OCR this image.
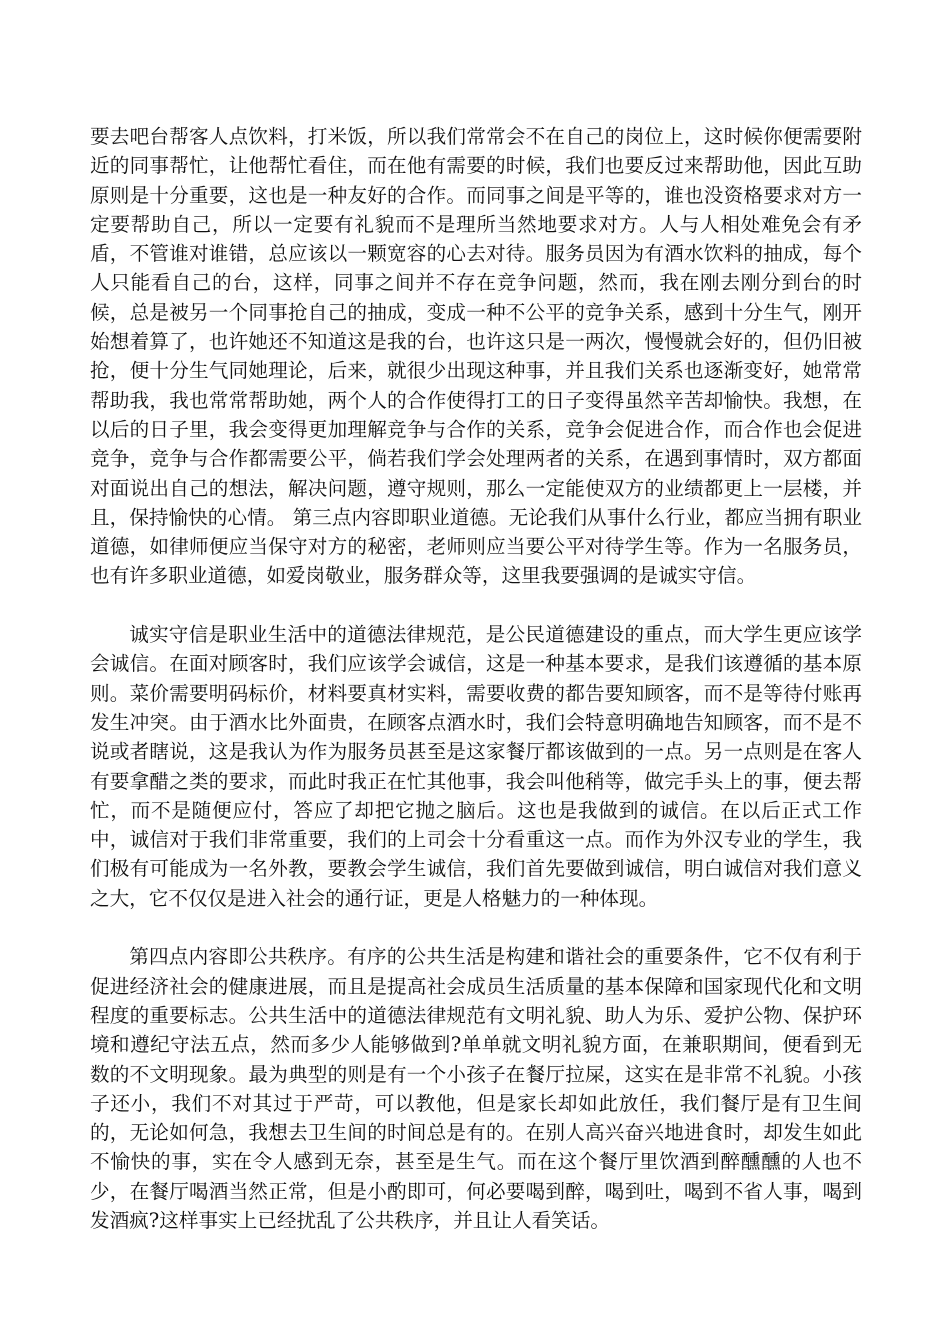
要去吧台帮客人点饮料，打米饭，所以我们常常会不在自己的岗位上，这时候你便需要附近的同事帮忙，让他帮忙看住，而在他有需要的时候，我们也要反过来帮助他，因此互助原则是十分重要，这也是一种友好的合作。而同事之间是平等的，谁也没资格要求对方一定要帮助自己，所以一定要有礼貌而不是理所当然地要求对方。人与人相处难免会有矛盾，不管谁对谁错，总应该以一颗宽容的心去对待。服务员因为有酒水饮料的抽成，每个人只能看自己的台，这样，同事之间并不存在竞争问题，然而，我在刚去刚分到台的时候，总是被另一个同事抢自己的抽成，变成一种不公平的竞争关系，感到十分生气，刚开始想着算了，也许她还不知道这是我的台，也许这只是一两次，慢慢就会好的，但仍旧被抢，便十分生气同她理论，后来，就很少出现这种事，并且我们关系也逐渐变好，她常常帮助我，我也常常帮助她，两个人的合作使得打工的日子变得虽然辛苦却愉快。我想，在以后的日子里，我会变得更加理解竞争与合作的关系，竞争会促进合作，而合作也会促进竞争，竞争与合作都需要公平，倘若我们学会处理两者的关系，在遇到事情时，双方都面对面说出自己的想法，解决问题，遵守规则，那么一定能使双方的业绩都更上一层楼，并且，保持愉快的心情。 第三点内容即职业道德。无论我们从事什么行业，都应当拥有职业道德，如律师便应当保守对方的秘密，老师则应当要公平对待学生等。作为一名服务员，也有许多职业道德，如爱岗敬业，服务群众等，这里我要强调的是诚实守信。

诚实守信是职业生活中的道德法律规范，是公民道德建设的重点，而大学生更应该学会诚信。在面对顾客时，我们应该学会诚信，这是一种基本要求，是我们该遵循的基本原则。菜价需要明码标价，材料要真材实料，需要收费的都告要知顾客，而不是等待付账再发生冲突。由于酒水比外面贵，在顾客点酒水时，我们会特意明确地告知顾客，而不是不说或者瞎说，这是我认为作为服务员甚至是这家餐厅都该做到的一点。另一点则是在客人有要拿醋之类的要求，而此时我正在忙其他事，我会叫他稍等，做完手头上的事，便去帮忙，而不是随便应付，答应了却把它抛之脑后。这也是我做到的诚信。在以后正式工作中，诚信对于我们非常重要，我们的上司会十分看重这一点。而作为外汉专业的学生，我们极有可能成为一名外教，要教会学生诚信，我们首先要做到诚信，明白诚信对我们意义之大，它不仅仅是进入社会的通行证，更是人格魅力的一种体现。

第四点内容即公共秩序。有序的公共生活是构建和谐社会的重要条件，它不仅有利于促进经济社会的健康进展，而且是提高社会成员生活质量的基本保障和国家现代化和文明程度的重要标志。公共生活中的道德法律规范有文明礼貌、助人为乐、爱护公物、保护环境和遵纪守法五点，然而多少人能够做到?单单就文明礼貌方面，在兼职期间，便看到无数的不文明现象。最为典型的则是有一个小孩子在餐厅拉屎，这实在是非常不礼貌。小孩子还小，我们不对其过于严苛，可以教他，但是家长却如此放任，我们餐厅是有卫生间的，无论如何急，我想去卫生间的时间总是有的。在别人高兴奋兴地进食时，却发生如此不愉快的事，实在令人感到无奈，甚至是生气。而在这个餐厅里饮酒到醉醺醺的人也不少，在餐厅喝酒当然正常，但是小酌即可，何必要喝到醉，喝到吐，喝到不省人事，喝到发酒疯?这样事实上已经扰乱了公共秩序，并且让人看笑话。
